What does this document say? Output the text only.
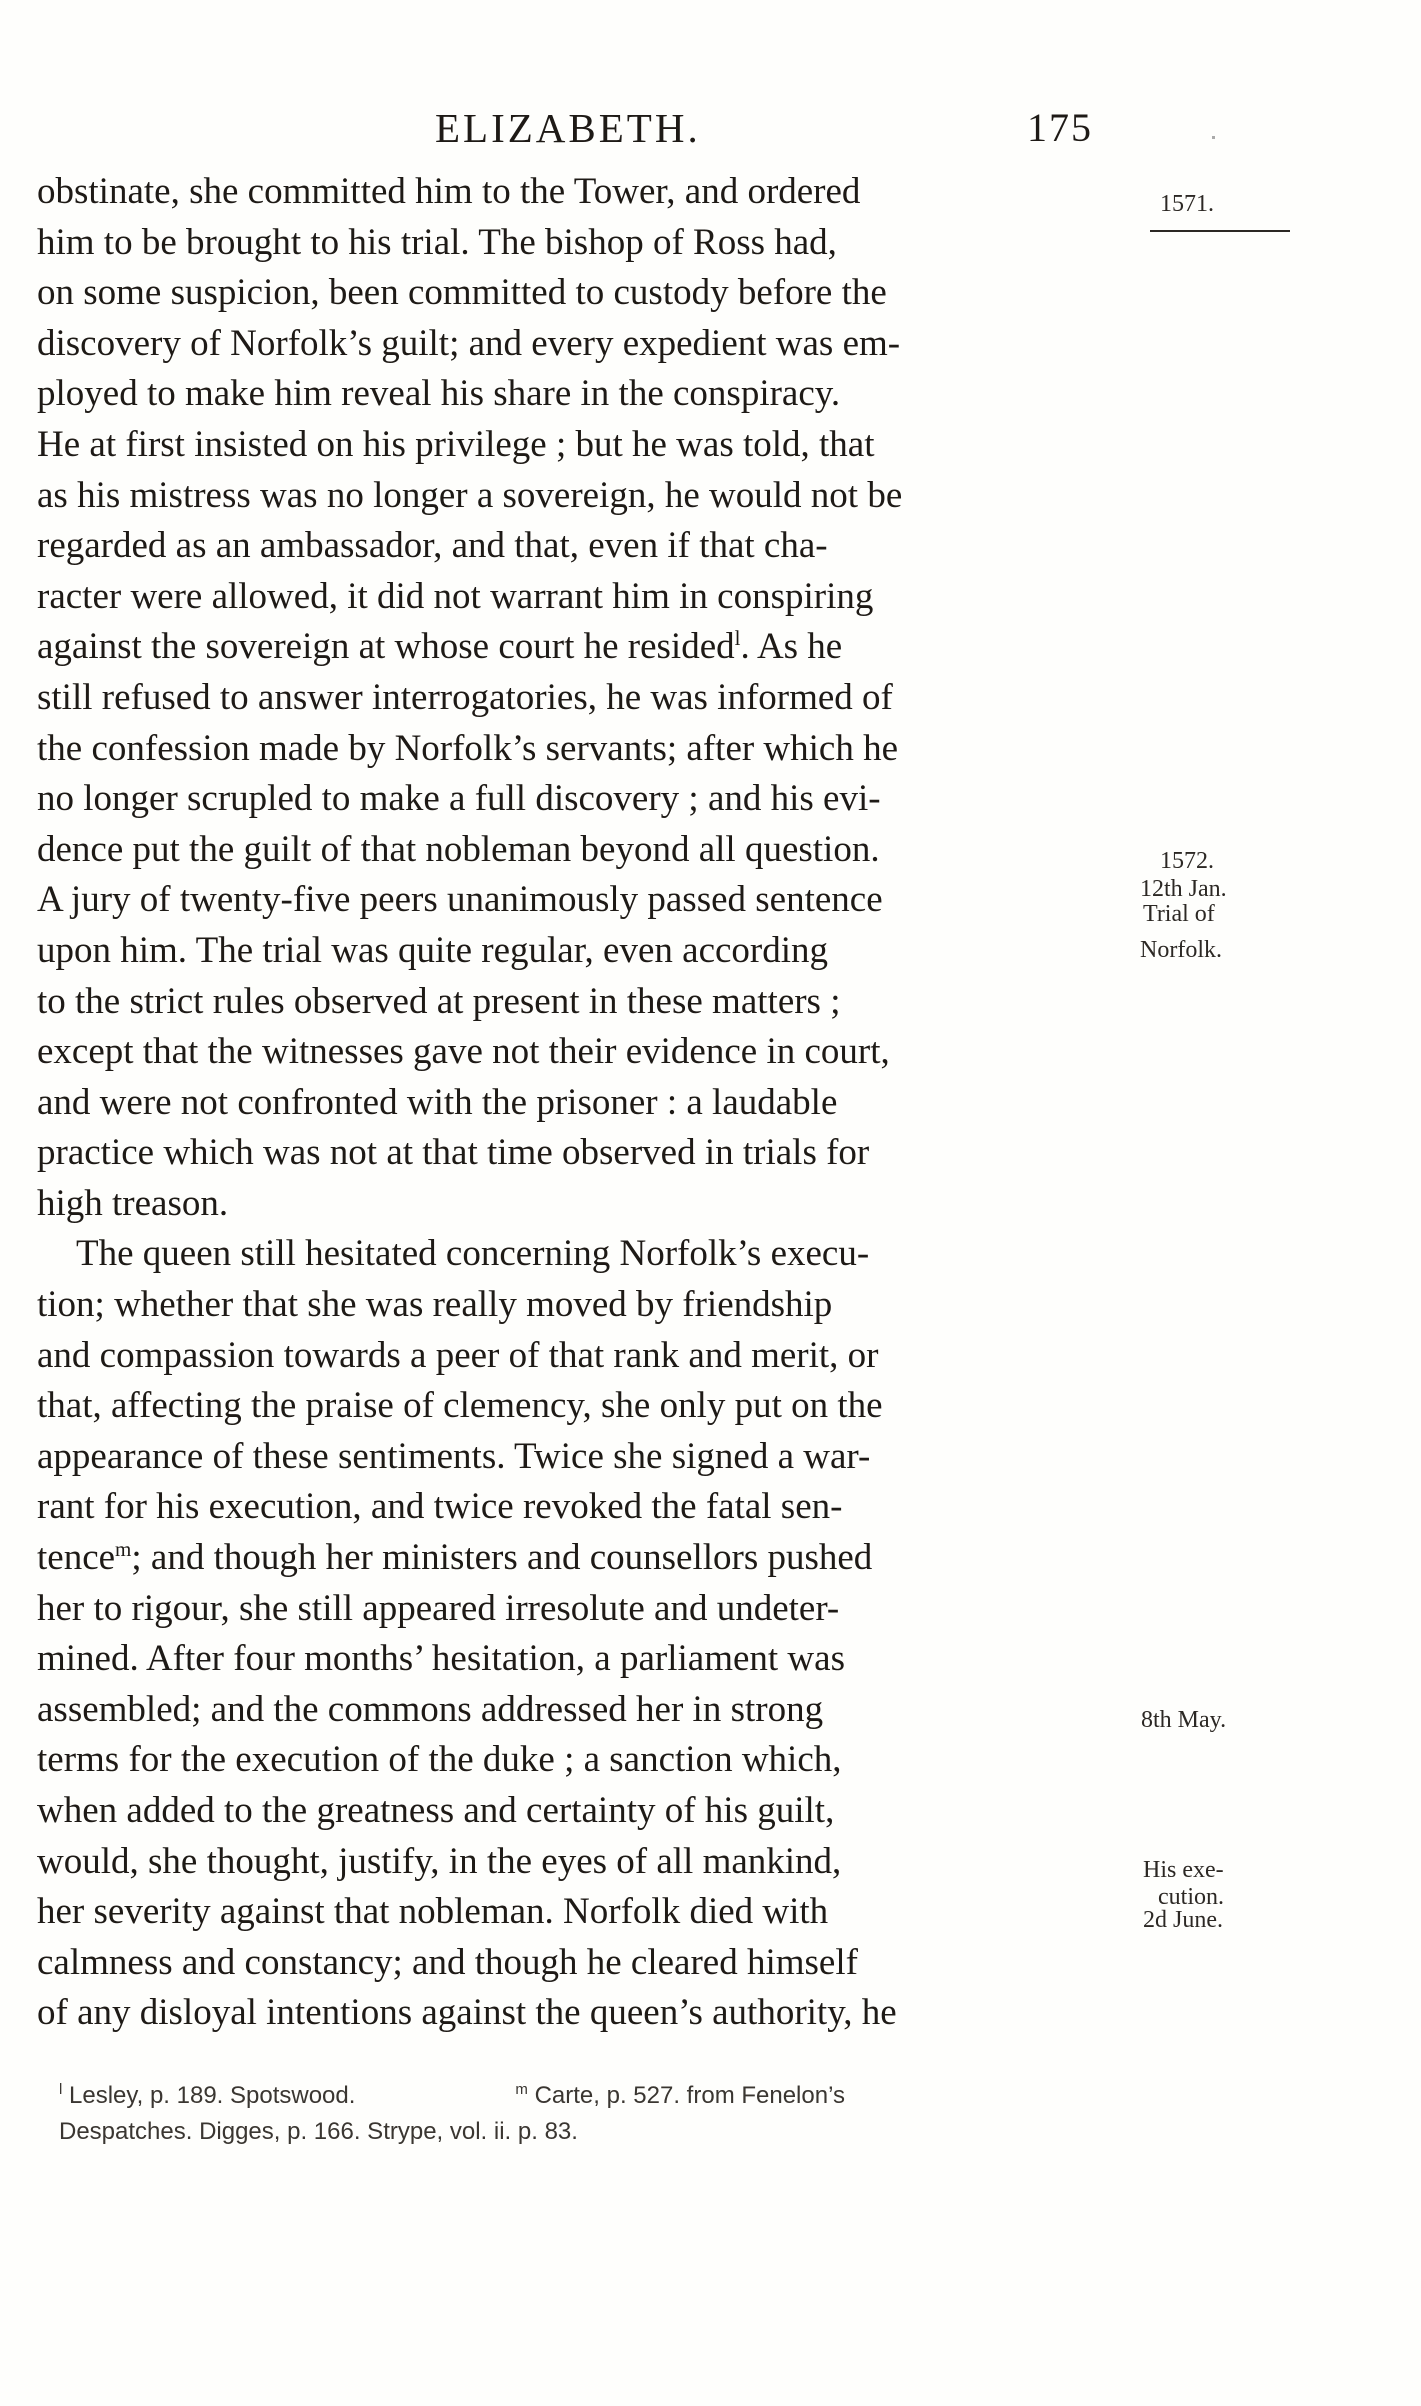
ELIZABETH.	175
1571.
1572.
12th Jan.
Trial of
Norfolk.
8th May.
His exe-
cution.
2d June.
obstinate, she committed him to the Tower, and ordered
him to be brought to his trial. The bishop of Ross had,
on some suspicion, been committed to custody before the
discovery of Norfolk’s guilt; and every expedient was em-
ployed to make him reveal his share in the conspiracy.
He at first insisted on his privilege ; but he was told, that
as his mistress was no longer a sovereign, he would not be
regarded as an ambassador, and that, even if that cha-
racter were allowed, it did not warrant him in conspiring
against the sovereign at whose court he resided$^l$. As he
still refused to answer interrogatories, he was informed of
the confession made by Norfolk’s servants; after which he
no longer scrupled to make a full discovery ; and his evi-
dence put the guilt of that nobleman beyond all question.
A jury of twenty-five peers unanimously passed sentence
upon him. The trial was quite regular, even according
to the strict rules observed at present in these matters ;
except that the witnesses gave not their evidence in court,
and were not confronted with the prisoner : a laudable
practice which was not at that time observed in trials for
high treason.
The queen still hesitated concerning Norfolk’s execu-
tion; whether that she was really moved by friendship
and compassion towards a peer of that rank and merit, or
that, affecting the praise of clemency, she only put on the
appearance of these sentiments. Twice she signed a war-
rant for his execution, and twice revoked the fatal sen-
tence$^m$; and though her ministers and counsellors pushed
her to rigour, she still appeared irresolute and undeter-
mined. After four months’ hesitation, a parliament was
assembled; and the commons addressed her in strong
terms for the execution of the duke ; a sanction which,
when added to the greatness and certainty of his guilt,
would, she thought, justify, in the eyes of all mankind,
her severity against that nobleman. Norfolk died with
calmness and constancy; and though he cleared himself
of any disloyal intentions against the queen’s authority, he
$^l$ Lesley, p. 189. Spotswood.	$^m$ Carte, p. 527. from Fenelon’s
Despatches. Digges, p. 166. Strype, vol. ii. p. 83.
